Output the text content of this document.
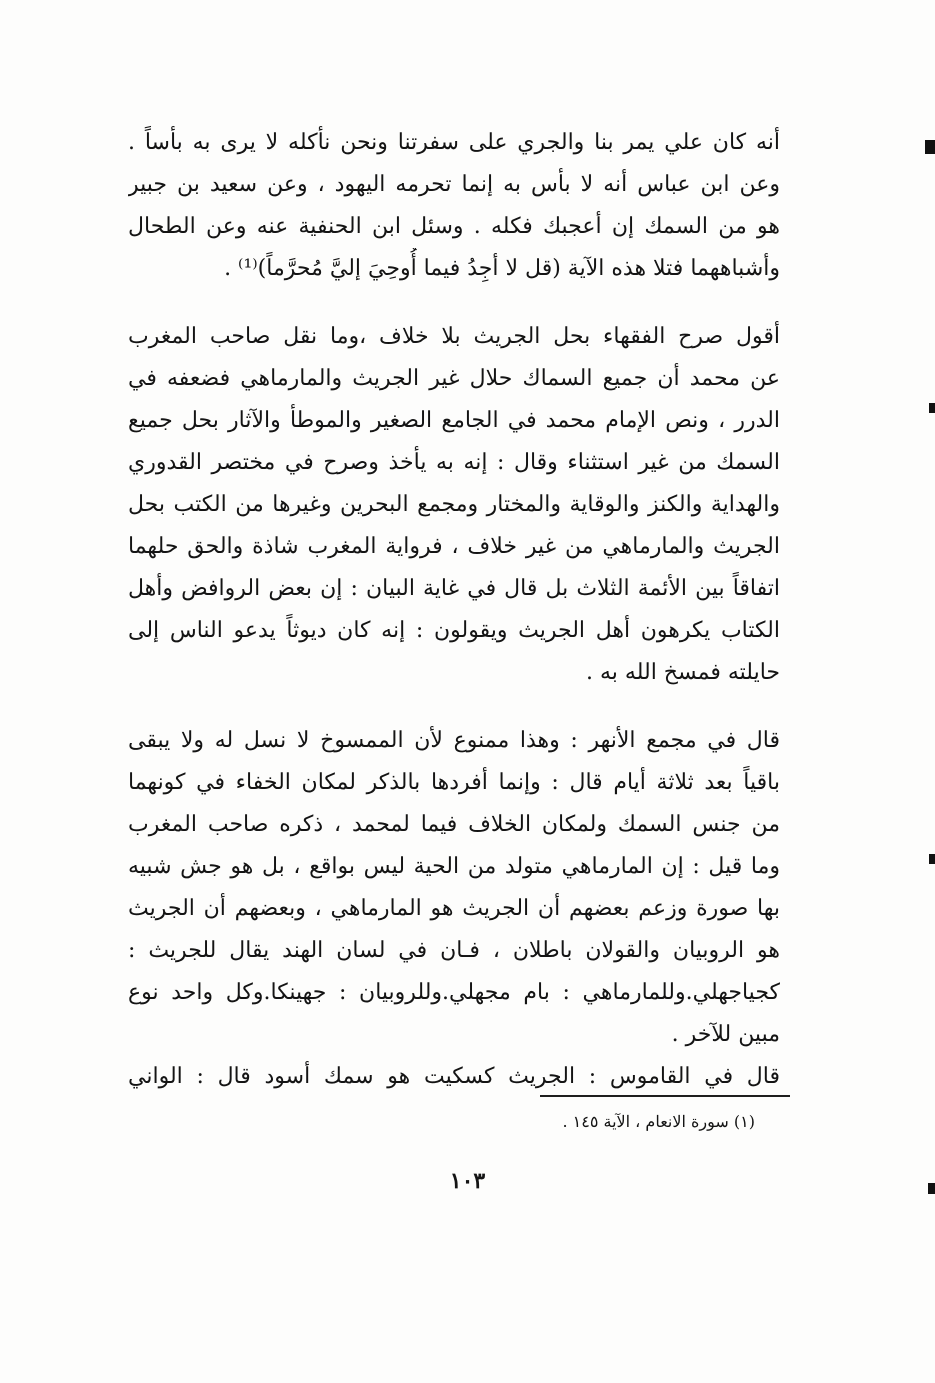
أنه كان علي يمر بنا والجري على سفرتنا ونحن نأكله لا يرى به بأساً .
وعن ابن عباس أنه لا بأس به إنما تحرمه اليهود ، وعن سعيد بن جبير
هو من السمك إن أعجبك فكله . وسئل ابن الحنفية عنه وعن الطحال
وأشباههما فتلا هذه الآية (قل لا أجِدُ فيما أُوحِيَ إليَّ مُحرَّماً)⁽¹⁾ .
أقول صرح الفقهاء بحل الجريث بلا خلاف ،وما نقل صاحب المغرب
عن محمد أن جميع السماك حلال غير الجريث والمارماهي فضعفه في
الدرر ، ونص الإمام محمد في الجامع الصغير والموطأ والآثار بحل جميع
السمك من غير استثناء وقال : إنه به يأخذ وصرح في مختصر القدوري
والهداية والكنز والوقاية والمختار ومجمع البحرين وغيرها من الكتب بحل
الجريث والمارماهي من غير خلاف ، فرواية المغرب شاذة والحق حلهما
اتفاقاً بين الأئمة الثلاث بل قال في غاية البيان : إن بعض الروافض وأهل
الكتاب يكرهون أهل الجريث ويقولون : إنه كان ديوثاً يدعو الناس إلى
حايلته فمسخ الله به .
قال في مجمع الأنهر : وهذا ممنوع لأن الممسوخ لا نسل له ولا يبقى
باقياً بعد ثلاثة أيام قال : وإنما أفردها بالذكر لمكان الخفاء في كونهما
من جنس السمك ولمكان الخلاف فيما لمحمد ، ذكره صاحب المغرب
وما قيل : إن المارماهي متولد من الحية ليس بواقع ، بل هو جش شبيه
بها صورة وزعم بعضهم أن الجريث هو المارماهي ، وبعضهم أن الجريث
هو الروبيان والقولان باطلان ، فـان في لسان الهند يقال للجريث :
كجياجهلي.وللمارماهي : بام مجهلي.وللروبيان : جهينكا.وكل واحد نوع
مبين للآخر .
قال في القاموس : الجريث كسكيت هو سمك أسود قال : الواني
(١) سورة الانعام ، الآية ١٤٥ .
١٠٣
